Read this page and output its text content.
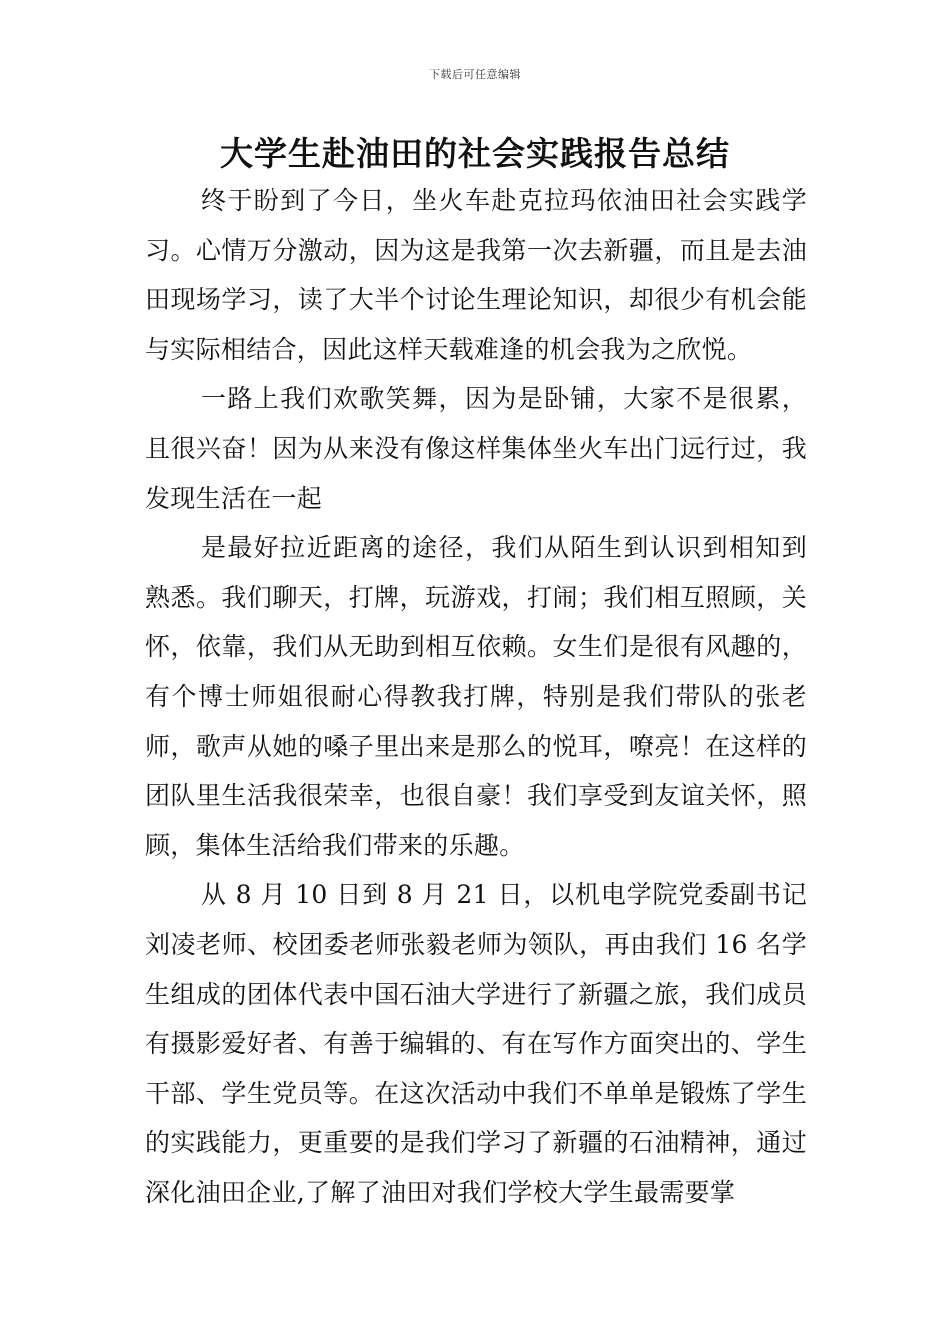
下载后可任意编辑
大学生赴油田的社会实践报告总结

终于盼到了今日，坐火车赴克拉玛依油田社会实践学习。心情万分激动，因为这是我第一次去新疆，而且是去油田现场学习，读了大半个讨论生理论知识，却很少有机会能与实际相结合，因此这样天载难逢的机会我为之欣悦。

一路上我们欢歌笑舞，因为是卧铺，大家不是很累，且很兴奋！因为从来没有像这样集体坐火车出门远行过，我发现生活在一起

是最好拉近距离的途径，我们从陌生到认识到相知到熟悉。我们聊天，打牌，玩游戏，打闹；我们相互照顾，关怀，依靠，我们从无助到相互依赖。女生们是很有风趣的，有个博士师姐很耐心得教我打牌，特别是我们带队的张老师，歌声从她的嗓子里出来是那么的悦耳，嘹亮！在这样的团队里生活我很荣幸，也很自豪！我们享受到友谊关怀，照顾，集体生活给我们带来的乐趣。

从 8 月 10 日到 8 月 21 日，以机电学院党委副书记刘凌老师、校团委老师张毅老师为领队，再由我们 16 名学生组成的团体代表中国石油大学进行了新疆之旅，我们成员有摄影爱好者、有善于编辑的、有在写作方面突出的、学生干部、学生党员等。在这次活动中我们不单单是锻炼了学生的实践能力，更重要的是我们学习了新疆的石油精神，通过深化油田企业,了解了油田对我们学校大学生最需要掌
